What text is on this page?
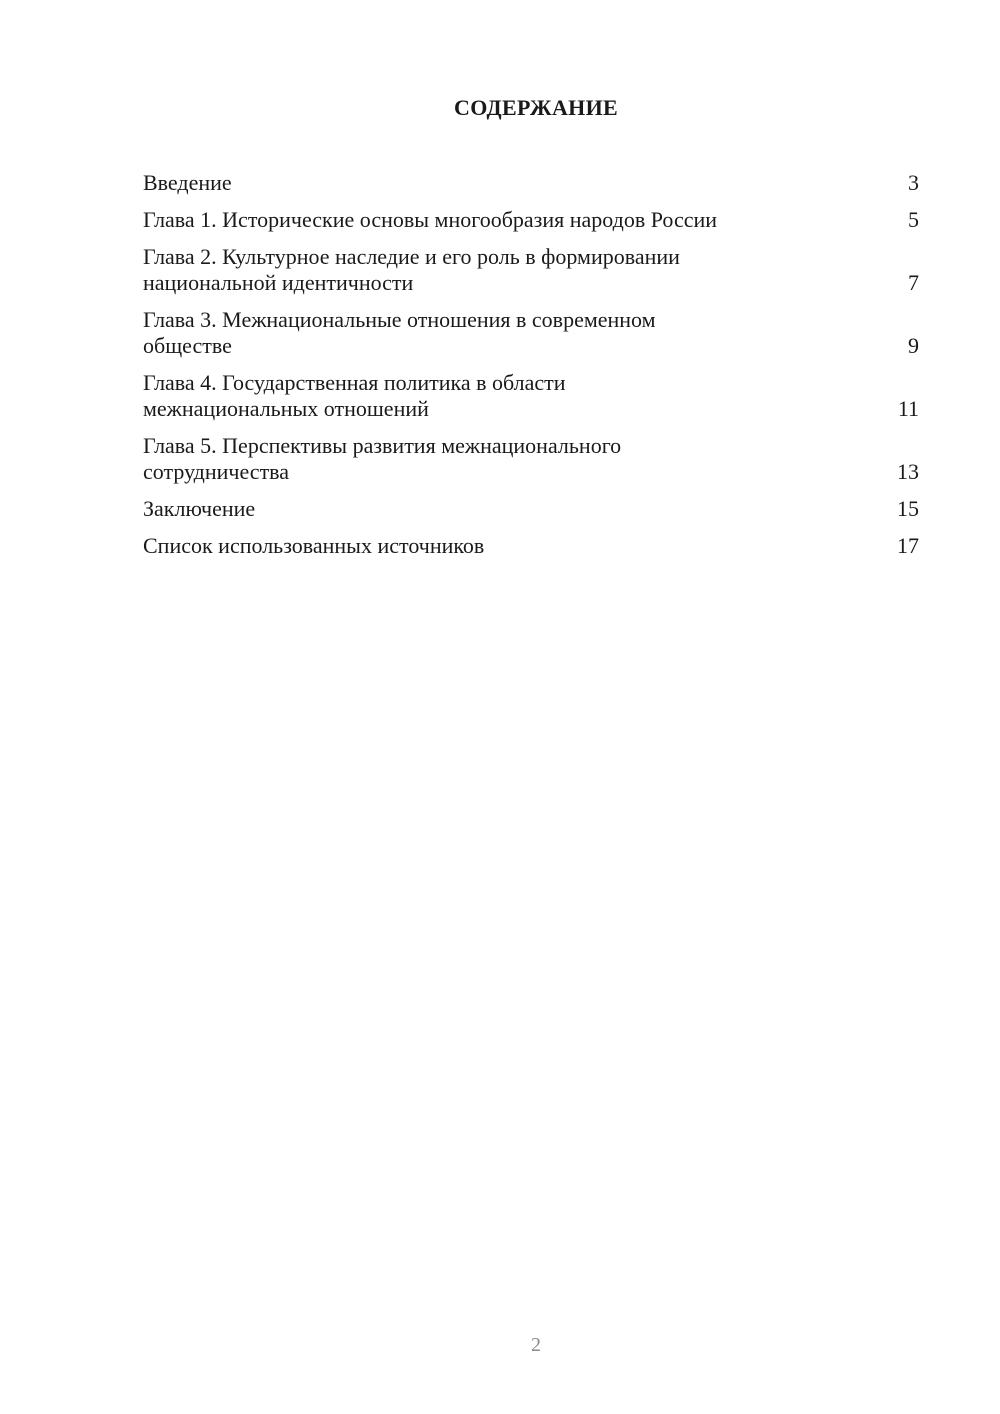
СОДЕРЖАНИЕ
Введение	3
Глава 1. Исторические основы многообразия народов России	5
Глава 2. Культурное наследие и его роль в формировании
национальной идентичности	7
Глава 3. Межнациональные отношения в современном
обществе	9
Глава 4. Государственная политика в области
межнациональных отношений	11
Глава 5. Перспективы развития межнационального
сотрудничества	13
Заключение	15
Список использованных источников	17
2
